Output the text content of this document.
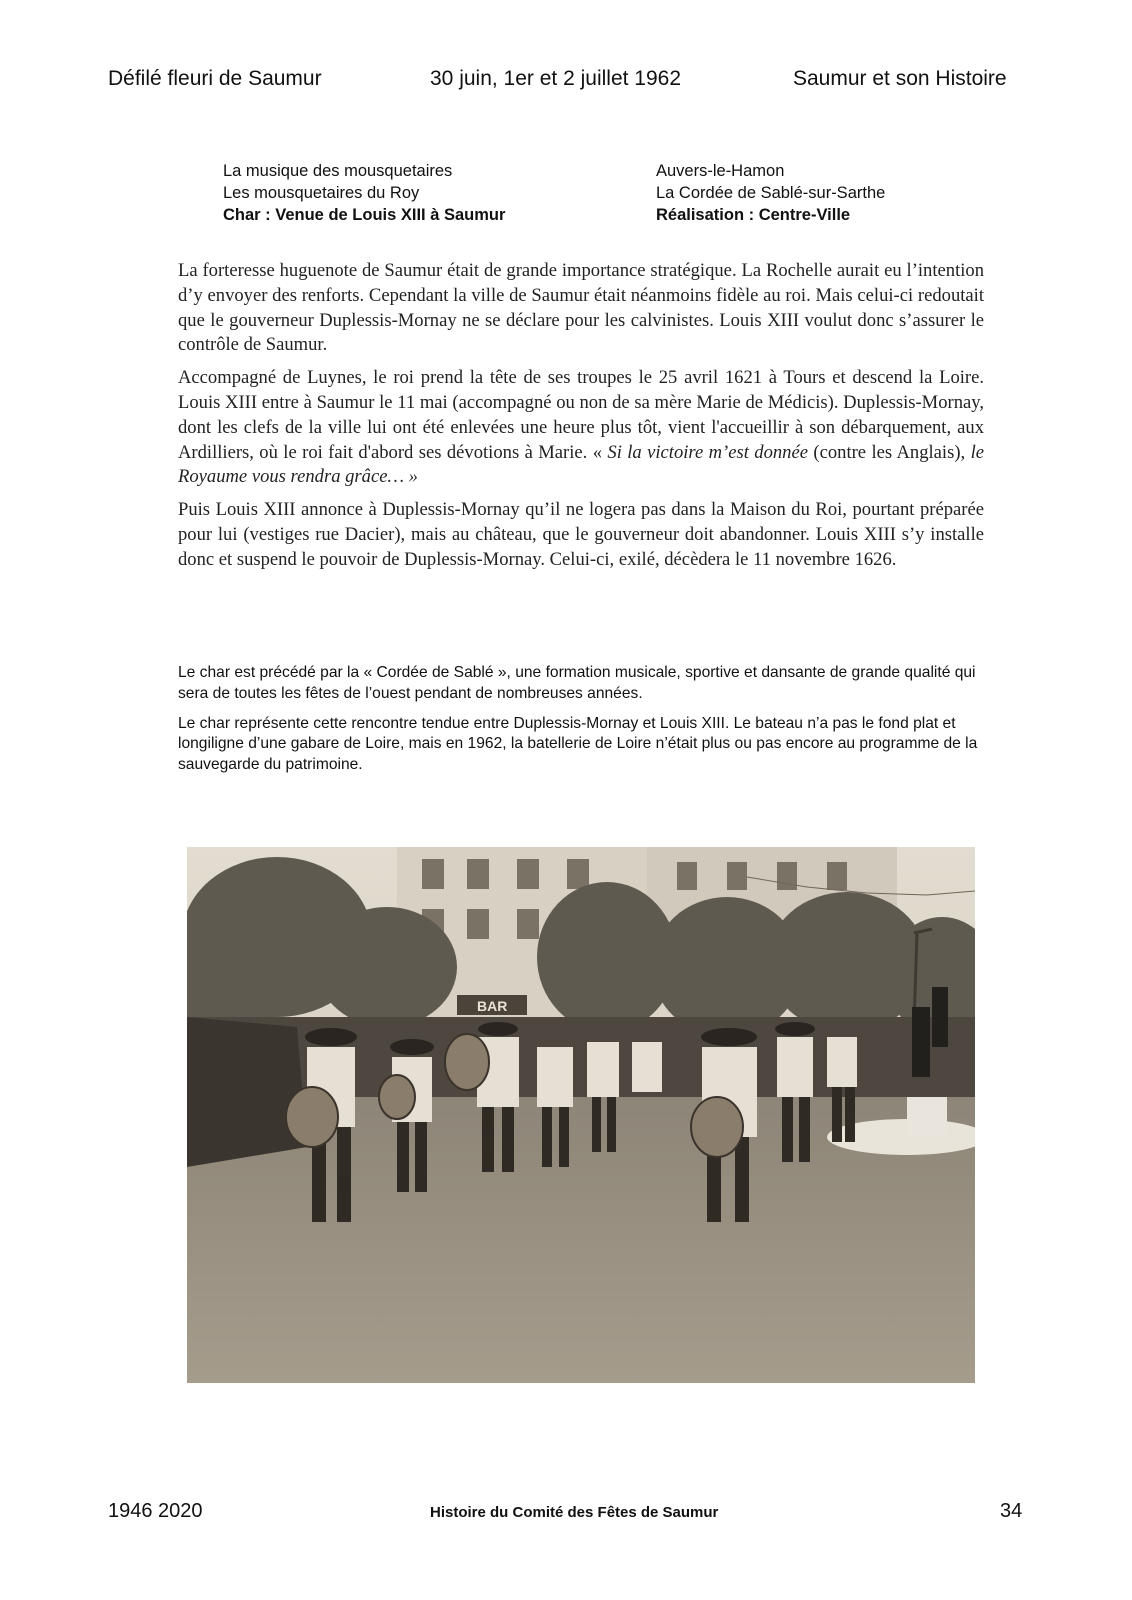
Défilé fleuri de Saumur	30 juin, 1er et 2 juillet 1962	Saumur et son Histoire
La musique des mousquetaires
Les mousquetaires du Roy
Char : Venue de Louis XIII à Saumur
Auvers-le-Hamon
La Cordée de Sablé-sur-Sarthe
Réalisation : Centre-Ville

La forteresse huguenote de Saumur était de grande importance stratégique. La Rochelle aurait eu l’intention d’y envoyer des renforts. Cependant la ville de Saumur était néanmoins fidèle au roi. Mais celui-ci redoutait que le gouverneur Duplessis-Mornay ne se déclare pour les calvinistes. Louis XIII voulut donc s’assurer le contrôle de Saumur.

Accompagné de Luynes, le roi prend la tête de ses troupes le 25 avril 1621 à Tours et descend la Loire. Louis XIII entre à Saumur le 11 mai (accompagné ou non de sa mère Marie de Médicis). Duplessis-Mornay, dont les clefs de la ville lui ont été enlevées une heure plus tôt, vient l'accueillir à son débarquement, aux Ardilliers, où le roi fait d'abord ses dévotions à Marie. « Si la victoire m’est donnée (contre les Anglais), le Royaume vous rendra grâce… »

Puis Louis XIII annonce à Duplessis-Mornay qu’il ne logera pas dans la Maison du Roi, pourtant préparée pour lui (vestiges rue Dacier), mais au château, que le gouverneur doit abandonner. Louis XIII s’y installe donc et suspend le pouvoir de Duplessis-Mornay. Celui-ci, exilé, décèdera le 11 novembre 1626.

Le char est précédé par la « Cordée de Sablé », une formation musicale, sportive et dansante de grande qualité qui sera de toutes les fêtes de l’ouest pendant de nombreuses années.

Le char représente cette rencontre tendue entre Duplessis-Mornay et Louis XIII. Le bateau n’a pas le fond plat et longiligne d’une gabare de Loire, mais en 1962, la batellerie de Loire n’était plus ou pas encore au programme de la sauvegarde du patrimoine.

BAR
1946 2020	Histoire du Comité des Fêtes de Saumur	34
